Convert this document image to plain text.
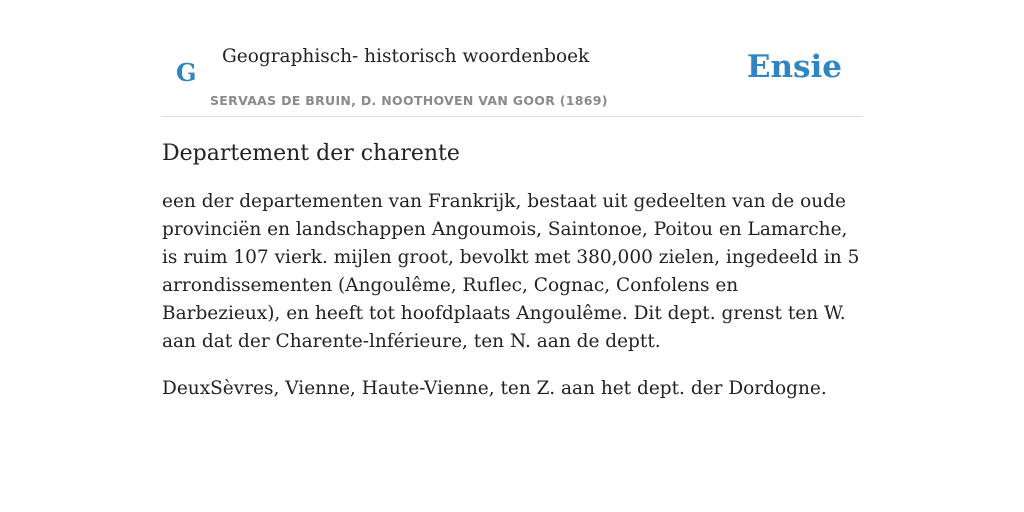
G
Geographisch- historisch woordenboek
SERVAAS DE BRUIN, D. NOOTHOVEN VAN GOOR (1869)
Ensie
Departement der charente

een der departementen van Frankrijk, bestaat uit gedeelten van de oude provinciën en landschappen Angoumois, Saintonoe, Poitou en Lamarche, is ruim 107 vierk. mijlen groot, bevolkt met 380,000 zielen, ingedeeld in 5 arrondissementen (Angoulême, Ruflec, Cognac, Confolens en Barbezieux), en heeft tot hoofdplaats Angoulême. Dit dept. grenst ten W. aan dat der Charente-lnférieure, ten N. aan de deptt.

DeuxSèvres, Vienne, Haute-Vienne, ten Z. aan het dept. der Dordogne.
